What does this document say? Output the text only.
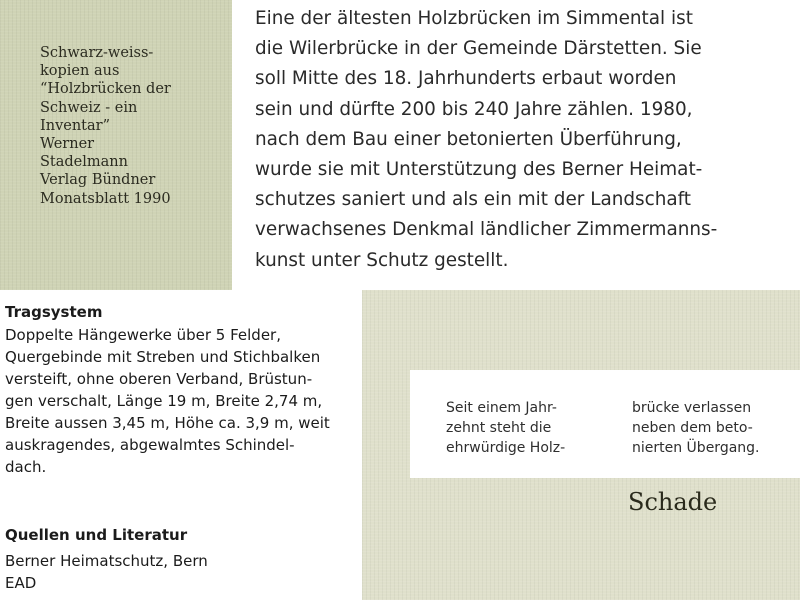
Schwarz-weiss-
kopien aus
“Holzbrücken der
Schweiz - ein
Inventar”
Werner
Stadelmann
Verlag Bündner
Monatsblatt 1990
Eine der ältesten Holzbrücken im Simmental ist
die Wilerbrücke in der Gemeinde Därstetten. Sie
soll Mitte des 18. Jahrhunderts erbaut worden
sein und dürfte 200 bis 240 Jahre zählen. 1980,
nach dem Bau einer betonierten Überführung,
wurde sie mit Unterstützung des Berner Heimat-
schutzes saniert und als ein mit der Landschaft
verwachsenes Denkmal ländlicher Zimmermanns-
kunst unter Schutz gestellt.
Tragsystem
Doppelte Hängewerke über 5 Felder,
Quergebinde mit Streben und Stichbalken
versteift, ohne oberen Verband, Brüstun-
gen verschalt, Länge 19 m, Breite 2,74 m,
Breite aussen 3,45 m, Höhe ca. 3,9 m, weit
auskragendes, abgewalmtes Schindel-
dach.
Quellen und Literatur
Berner Heimatschutz, Bern
EAD
Seit einem Jahr-
zehnt steht die
ehrwürdige Holz-
brücke verlassen
neben dem beto-
nierten Übergang.
Schade
